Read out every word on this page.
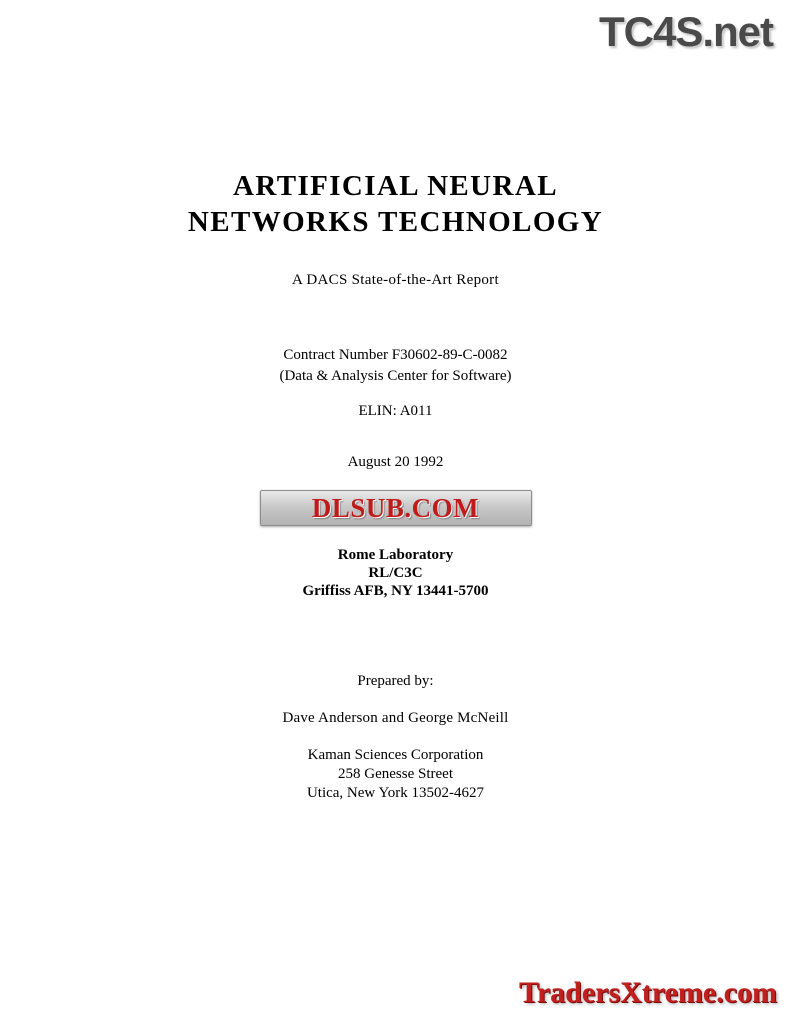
TC4S.net
ARTIFICIAL NEURAL
NETWORKS TECHNOLOGY
A DACS State-of-the-Art Report
Contract Number F30602-89-C-0082
(Data & Analysis Center for Software)
ELIN: A011
August 20 1992
Rome Laboratory
RL/C3C
Griffiss AFB, NY 13441-5700
Prepared by:
Dave Anderson and George McNeill
Kaman Sciences Corporation
258 Genesse Street
Utica, New York 13502-4627
DLSUB.COM
TradersXtreme.com
